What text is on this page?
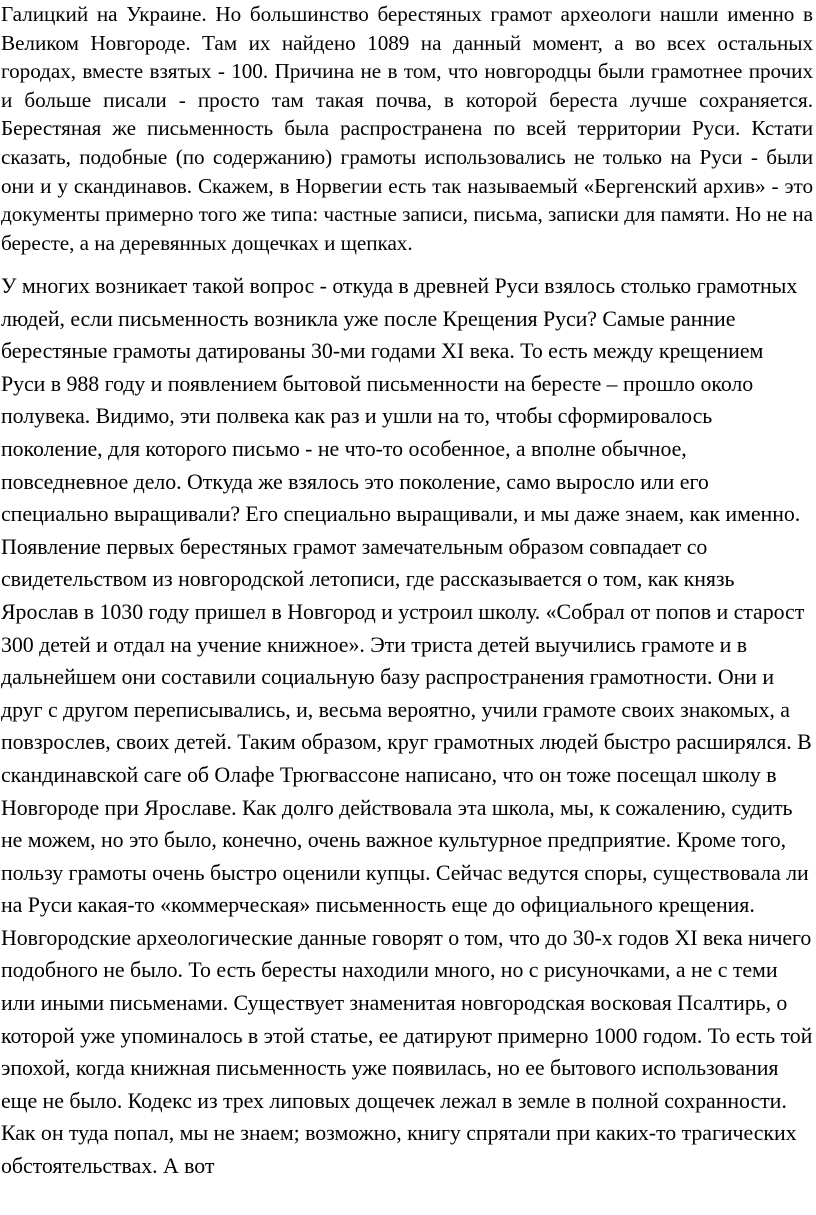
Галицкий на Украине. Но большинство берестяных грамот археологи нашли именно в Великом Новгороде. Там их найдено 1089 на данный момент, а во всех остальных городах, вместе взятых - 100. Причина не в том, что новгородцы были грамотнее прочих и больше писали - просто там такая почва, в которой береста лучше сохраняется. Берестяная же письменность была распространена по всей территории Руси. Кстати сказать, подобные (по содержанию) грамоты использовались не только на Руси - были они и у скандинавов. Скажем, в Норвегии есть так называемый «Бергенский архив» - это документы примерно того же типа: частные записи, письма, записки для памяти. Но не на бересте, а на деревянных дощечках и щепках.

У многих возникает такой вопрос - откуда в древней Руси взялось столько грамотных людей, если письменность возникла уже после Крещения Руси? Самые ранние берестяные грамоты датированы 30-ми годами XI века. То есть между крещением Руси в 988 году и появлением бытовой письменности на бересте – прошло около полувека. Видимо, эти полвека как раз и ушли на то, чтобы сформировалось поколение, для которого письмо - не что-то особенное, а вполне обычное, повседневное дело. Откуда же взялось это поколение, само выросло или его специально выращивали? Его специально выращивали, и мы даже знаем, как именно. Появление первых берестяных грамот замечательным образом совпадает со свидетельством из новгородской летописи, где рассказывается о том, как князь Ярослав в 1030 году пришел в Новгород и устроил школу. «Собрал от попов и старост 300 детей и отдал на учение книжное». Эти триста детей выучились грамоте и в дальнейшем они составили социальную базу распространения грамотности. Они и друг с другом переписывались, и, весьма вероятно, учили грамоте своих знакомых, а повзрослев, своих детей. Таким образом, круг грамотных людей быстро расширялся. В скандинавской саге об Олафе Трюгвассоне написано, что он тоже посещал школу в Новгороде при Ярославе. Как долго действовала эта школа, мы, к сожалению, судить не можем, но это было, конечно, очень важное культурное предприятие. Кроме того, пользу грамоты очень быстро оценили купцы. Сейчас ведутся споры, существовала ли на Руси какая-то «коммерческая» письменность еще до официального крещения. Новгородские археологические данные говорят о том, что до 30-х годов XI века ничего подобного не было. То есть бересты находили много, но с рисуночками, а не с теми или иными письменами. Существует знаменитая новгородская восковая Псалтирь, о которой уже упоминалось в этой статье, ее датируют примерно 1000 годом. То есть той эпохой, когда книжная письменность уже появилась, но ее бытового использования еще не было. Кодекс из трех липовых дощечек лежал в земле в полной сохранности. Как он туда попал, мы не знаем; возможно, книгу спрятали при каких-то трагических обстоятельствах. А вот
